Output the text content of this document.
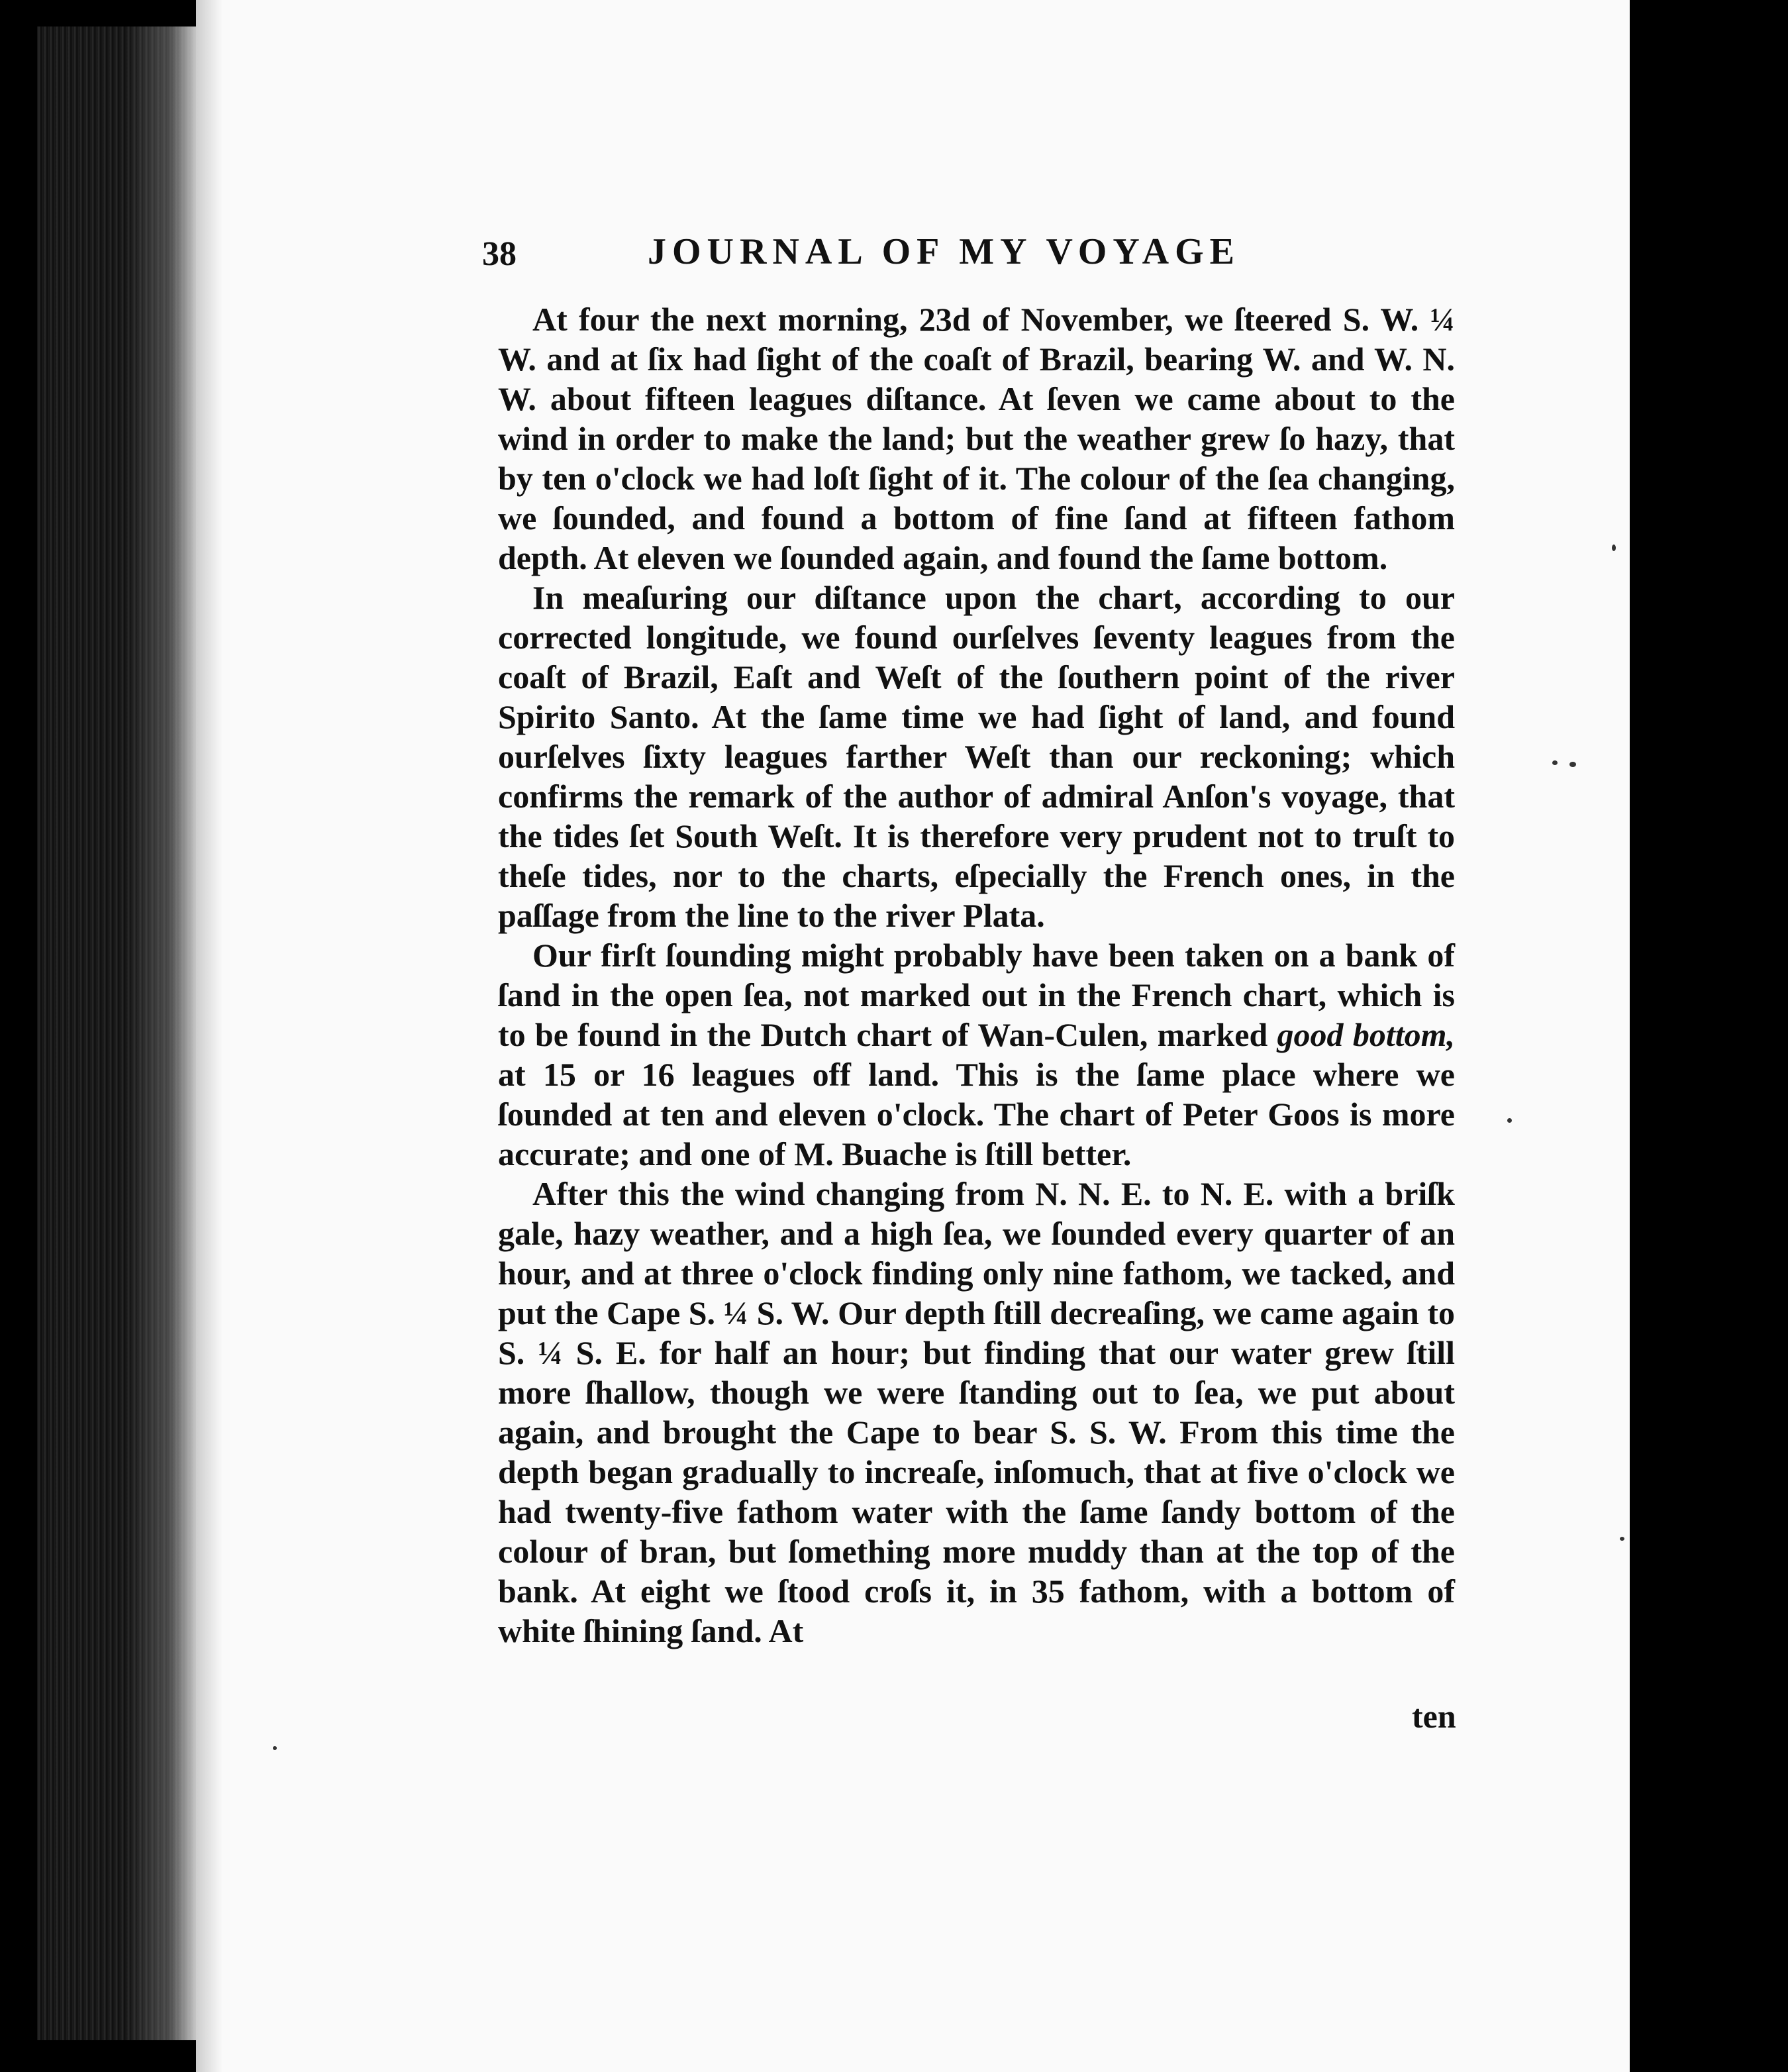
38	JOURNAL OF MY VOYAGE

At four the next morning, 23d of November, we ſteered S. W. ¼ W. and at ſix had ſight of the coaſt of Brazil, bearing W. and W. N. W. about fifteen leagues diſtance. At ſeven we came about to the wind in order to make the land; but the weather grew ſo hazy, that by ten o'clock we had loſt ſight of it. The colour of the ſea changing, we ſounded, and found a bottom of fine ſand at fifteen fathom depth. At eleven we ſounded again, and found the ſame bottom.

In meaſuring our diſtance upon the chart, according to our corrected longitude, we found ourſelves ſeventy leagues from the coaſt of Brazil, Eaſt and Weſt of the ſouthern point of the river Spirito Santo. At the ſame time we had ſight of land, and found ourſelves ſixty leagues farther Weſt than our reckoning; which confirms the remark of the author of admiral Anſon's voyage, that the tides ſet South Weſt. It is therefore very prudent not to truſt to theſe tides, nor to the charts, eſpecially the French ones, in the paſſage from the line to the river Plata.

Our firſt ſounding might probably have been taken on a bank of ſand in the open ſea, not marked out in the French chart, which is to be found in the Dutch chart of Wan-Culen, marked good bottom, at 15 or 16 leagues off land. This is the ſame place where we ſounded at ten and eleven o'clock. The chart of Peter Goos is more accurate; and one of M. Buache is ſtill better.

After this the wind changing from N. N. E. to N. E. with a briſk gale, hazy weather, and a high ſea, we ſounded every quarter of an hour, and at three o'clock finding only nine fathom, we tacked, and put the Cape S. ¼ S. W. Our depth ſtill decreaſing, we came again to S. ¼ S. E. for half an hour; but finding that our water grew ſtill more ſhallow, though we were ſtanding out to ſea, we put about again, and brought the Cape to bear S. S. W. From this time the depth began gradually to increaſe, inſomuch, that at five o'clock we had twenty-five fathom water with the ſame ſandy bottom of the colour of bran, but ſomething more muddy than at the top of the bank. At eight we ſtood croſs it, in 35 fathom, with a bottom of white ſhining ſand. At

ten
